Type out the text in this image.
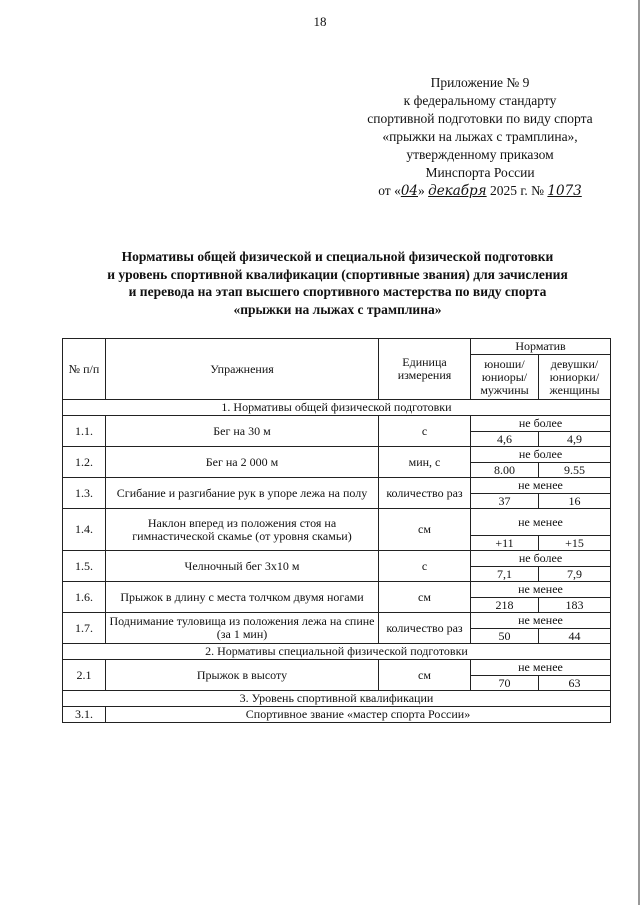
18
Приложение № 9
к федеральному стандарту
спортивной подготовки по виду спорта
«прыжки на лыжах с трамплина»,
утвержденному приказом
Минспорта России
от «04» декабря 2025 г. № 1073
Нормативы общей физической и специальной физической подготовки
и уровень спортивной квалификации (спортивные звания) для зачисления
и перевода на этап высшего спортивного мастерства по виду спорта
«прыжки на лыжах с трамплина»
№ п/п	Упражнения	Единица измерения	Норматив	
			юноши/ юниоры/ мужчины	девушки/ юниорки/ женщины
1. Нормативы общей физической подготовки				
1.1.	Бег на 30 м	с	не более	
			4,6	4,9
1.2.	Бег на 2 000 м	мин, с	не более	
			8.00	9.55
1.3.	Сгибание и разгибание рук в упоре лежа на полу	количество раз	не менее	
			37	16
1.4.	Наклон вперед из положения стоя на гимнастической скамье (от уровня скамьи)	см	не менее	
			+11	+15
1.5.	Челночный бег 3х10 м	с	не более	
			7,1	7,9
1.6.	Прыжок в длину с места толчком двумя ногами	см	не менее	
			218	183
1.7.	Поднимание туловища из положения лежа на спине (за 1 мин)	количество раз	не менее	
			50	44
2. Нормативы специальной физической подготовки				
2.1	Прыжок в высоту	см	не менее	
			70	63
3. Уровень спортивной квалификации				
3.1.	Спортивное звание «мастер спорта России»			
